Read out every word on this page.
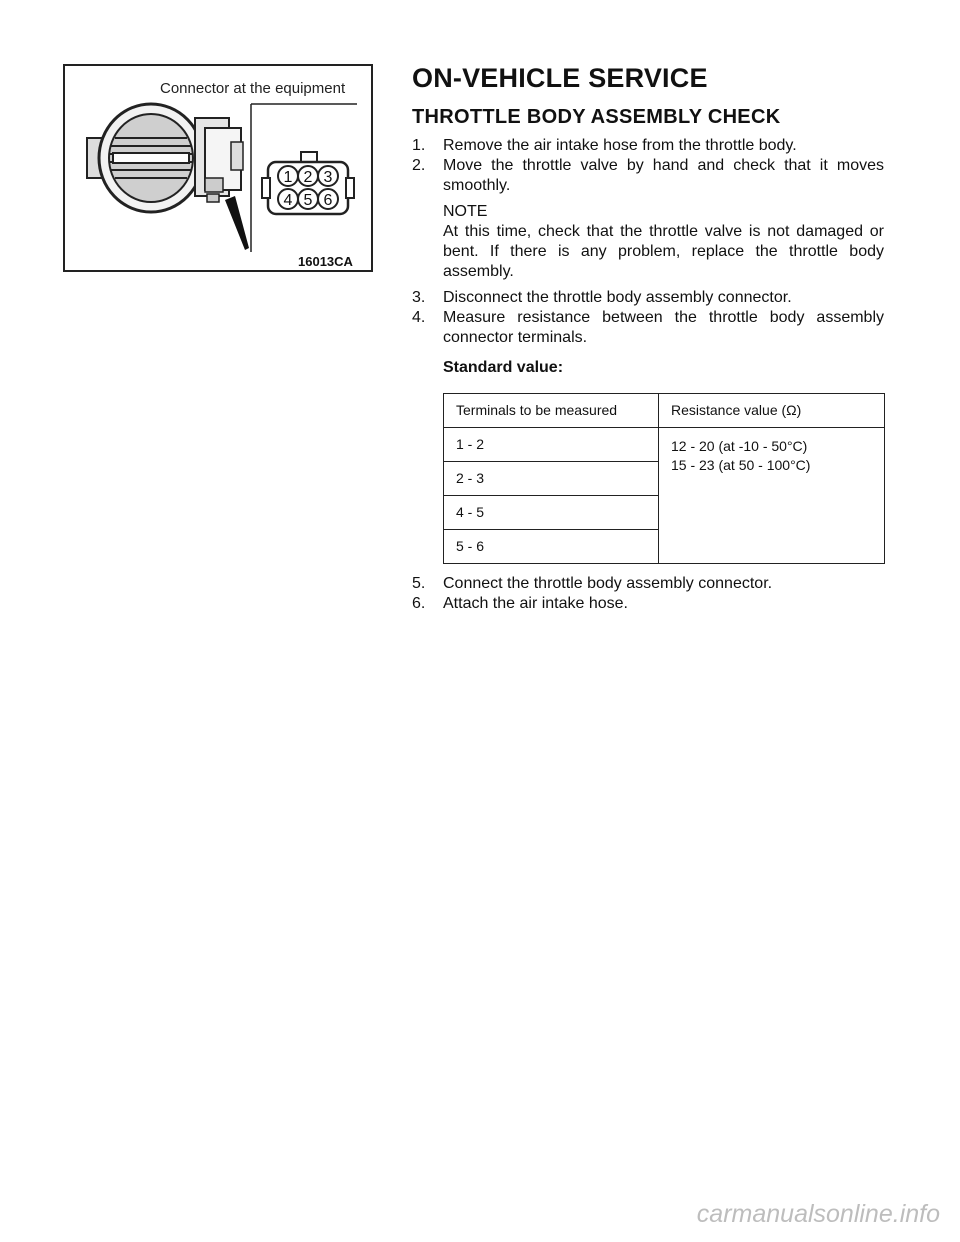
1 2 3
4 5 6
Connector at the equipment
16013CA
ON-VEHICLE SERVICE
THROTTLE BODY ASSEMBLY CHECK
1. Remove the air intake hose from the throttle body.
2. Move the throttle valve by hand and check that it moves smoothly.
NOTE
At this time, check that the throttle valve is not damaged or bent. If there is any problem, replace the throttle body assembly.
3. Disconnect the throttle body assembly connector.
4. Measure resistance between the throttle body assembly connector terminals.
Standard value:
Terminals to be measured	Resistance value (Ω)
1 - 2	12 - 20 (at -10 - 50°C)
15 - 23 (at 50 - 100°C)

2 - 3	
4 - 5	
5 - 6	
5. Connect the throttle body assembly connector.
6. Attach the air intake hose.
carmanualsonline.info
